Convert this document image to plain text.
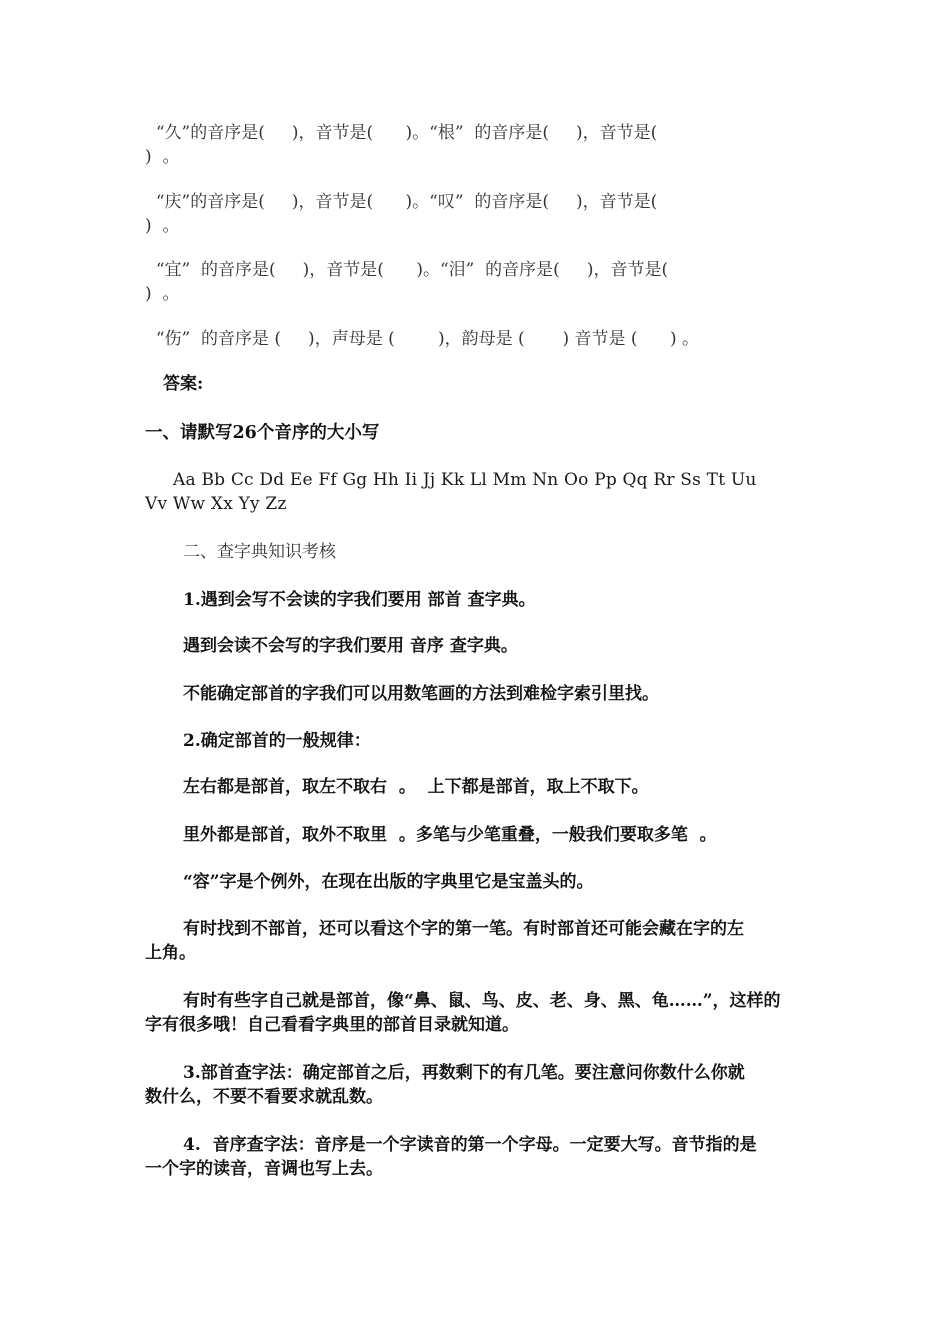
“久”的音序是(     )，音节是(      )。“根”  的音序是(     )，音节是(
)  。
“庆”的音序是(     )，音节是(      )。“叹”  的音序是(     )，音节是(
)  。
“宜”  的音序是(     )，音节是(      )。“泪”  的音序是(     )，音节是(
)  。
“伤”  的音序是 (     )，声母是 (        )，韵母是 (       ) 音节是 (      ) 。
答案:
一、请默写26个音序的大小写
Aa Bb Cc Dd Ee Ff Gg Hh Ii Jj Kk Ll Mm Nn Oo Pp Qq Rr Ss Tt Uu
Vv Ww Xx Yy Zz
二、查字典知识考核
1.遇到会写不会读的字我们要用 部首 查字典。
遇到会读不会写的字我们要用 音序 查字典。
不能确定部首的字我们可以用数笔画的方法到难检字索引里找。
2.确定部首的一般规律：
左右都是部首，取左不取右  。  上下都是部首，取上不取下。
里外都是部首，取外不取里  。多笔与少笔重叠，一般我们要取多笔  。
“容”字是个例外，在现在出版的字典里它是宝盖头的。
有时找到不部首，还可以看这个字的第一笔。有时部首还可能会藏在字的左
上角。
有时有些字自己就是部首，像“鼻、鼠、鸟、皮、老、身、黑、龟……”，这样的
字有很多哦！自己看看字典里的部首目录就知道。
3.部首查字法：确定部首之后，再数剩下的有几笔。要注意问你数什么你就
数什么，不要不看要求就乱数。
4.  音序查字法：音序是一个字读音的第一个字母。一定要大写。音节指的是
一个字的读音，音调也写上去。
